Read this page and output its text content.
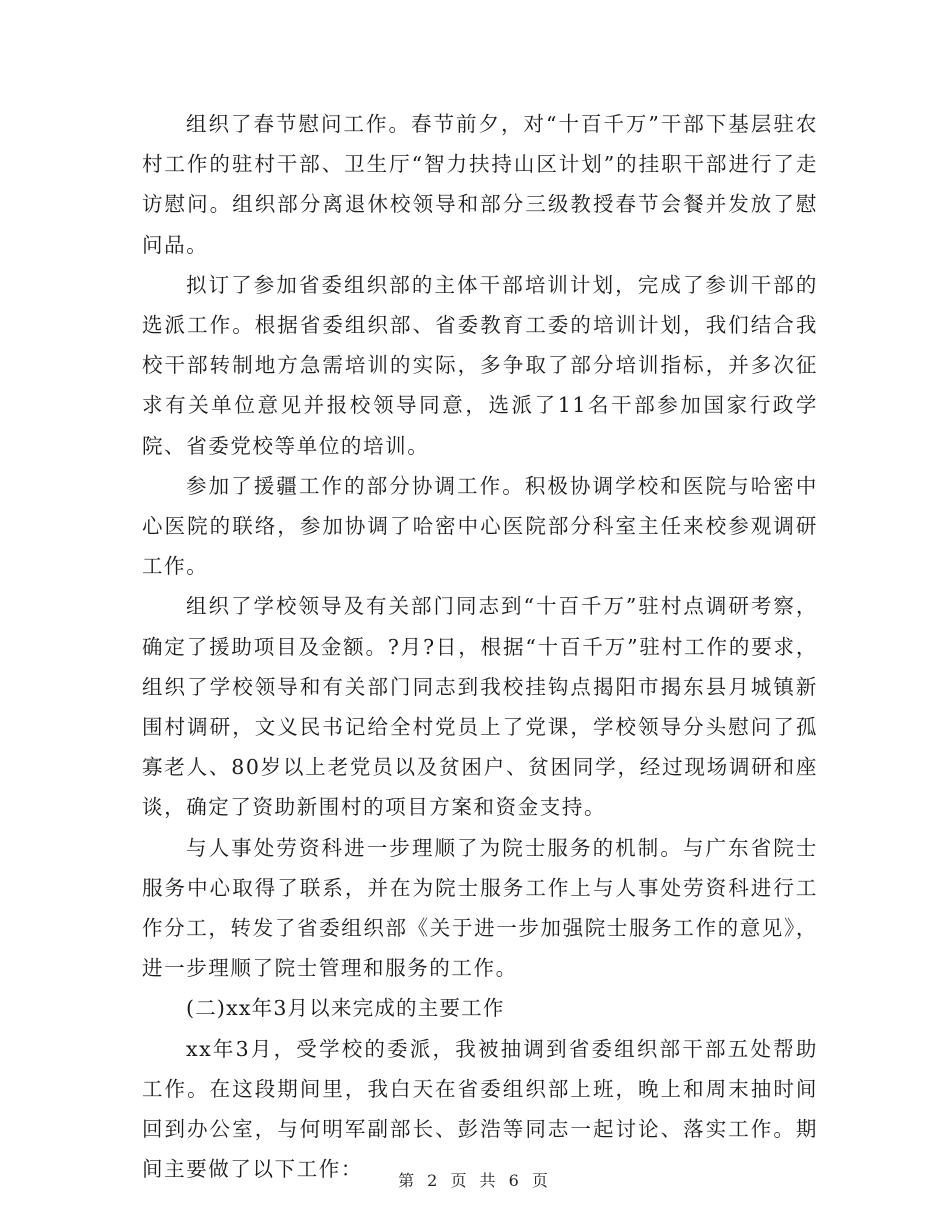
组织了春节慰问工作。春节前夕，对“十百千万”干部下基层驻农村工作的驻村干部、卫生厅“智力扶持山区计划”的挂职干部进行了走访慰问。组织部分离退休校领导和部分三级教授春节会餐并发放了慰问品。

拟订了参加省委组织部的主体干部培训计划，完成了参训干部的选派工作。根据省委组织部、省委教育工委的培训计划，我们结合我校干部转制地方急需培训的实际，多争取了部分培训指标，并多次征求有关单位意见并报校领导同意，选派了11名干部参加国家行政学院、省委党校等单位的培训。

参加了援疆工作的部分协调工作。积极协调学校和医院与哈密中心医院的联络，参加协调了哈密中心医院部分科室主任来校参观调研工作。

组织了学校领导及有关部门同志到“十百千万”驻村点调研考察，确定了援助项目及金额。?月?日，根据“十百千万”驻村工作的要求，组织了学校领导和有关部门同志到我校挂钩点揭阳市揭东县月城镇新围村调研，文义民书记给全村党员上了党课，学校领导分头慰问了孤寡老人、80岁以上老党员以及贫困户、贫困同学，经过现场调研和座谈，确定了资助新围村的项目方案和资金支持。

与人事处劳资科进一步理顺了为院士服务的机制。与广东省院士服务中心取得了联系，并在为院士服务工作上与人事处劳资科进行工作分工，转发了省委组织部《关于进一步加强院士服务工作的意见》，进一步理顺了院士管理和服务的工作。

(二)xx年3月以来完成的主要工作

xx年3月，受学校的委派，我被抽调到省委组织部干部五处帮助工作。在这段期间里，我白天在省委组织部上班，晚上和周末抽时间回到办公室，与何明军副部长、彭浩等同志一起讨论、落实工作。期间主要做了以下工作：	第 2 页 共 6 页
